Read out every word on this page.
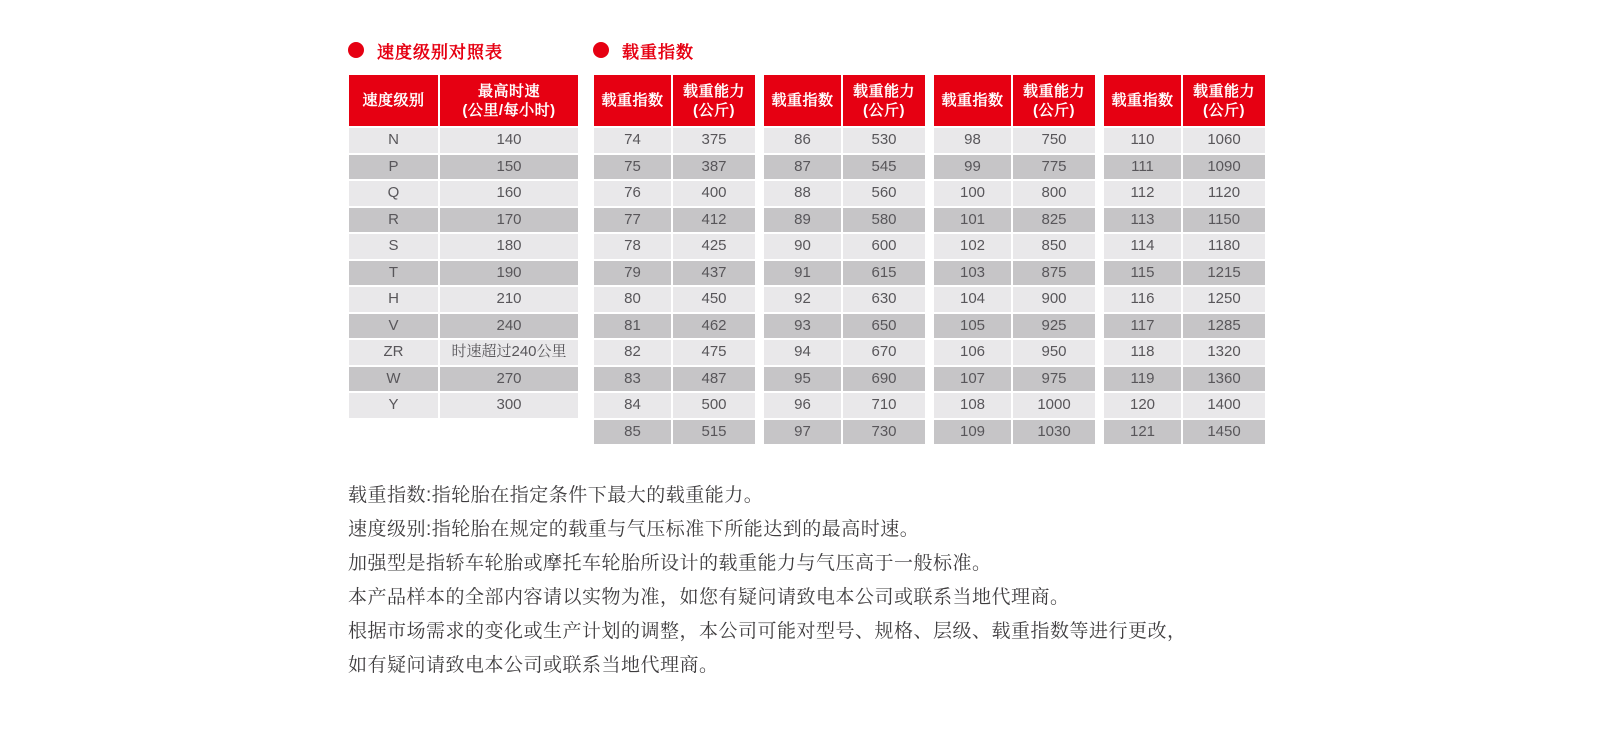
速度级别对照表
速度级别	最高时速
(公里/每小时)
N	140
P	150
Q	160
R	170
S	180
T	190
H	210
V	240
ZR	时速超过240公里
W	270
Y	300
载重指数
载重指数	载重能力
(公斤)
74	375
75	387
76	400
77	412
78	425
79	437
80	450
81	462
82	475
83	487
84	500
85	515
载重指数	载重能力
(公斤)
86	530
87	545
88	560
89	580
90	600
91	615
92	630
93	650
94	670
95	690
96	710
97	730
载重指数	载重能力
(公斤)
98	750
99	775
100	800
101	825
102	850
103	875
104	900
105	925
106	950
107	975
108	1000
109	1030
载重指数	载重能力
(公斤)
110	1060
111	1090
112	1120
113	1150
114	1180
115	1215
116	1250
117	1285
118	1320
119	1360
120	1400
121	1450
载重指数:指轮胎在指定条件下最大的载重能力。
速度级别:指轮胎在规定的载重与气压标准下所能达到的最高时速。
加强型是指轿车轮胎或摩托车轮胎所设计的载重能力与气压高于一般标准。
本产品样本的全部内容请以实物为准，如您有疑问请致电本公司或联系当地代理商。
根据市场需求的变化或生产计划的调整，本公司可能对型号、规格、层级、载重指数等进行更改，
如有疑问请致电本公司或联系当地代理商。
